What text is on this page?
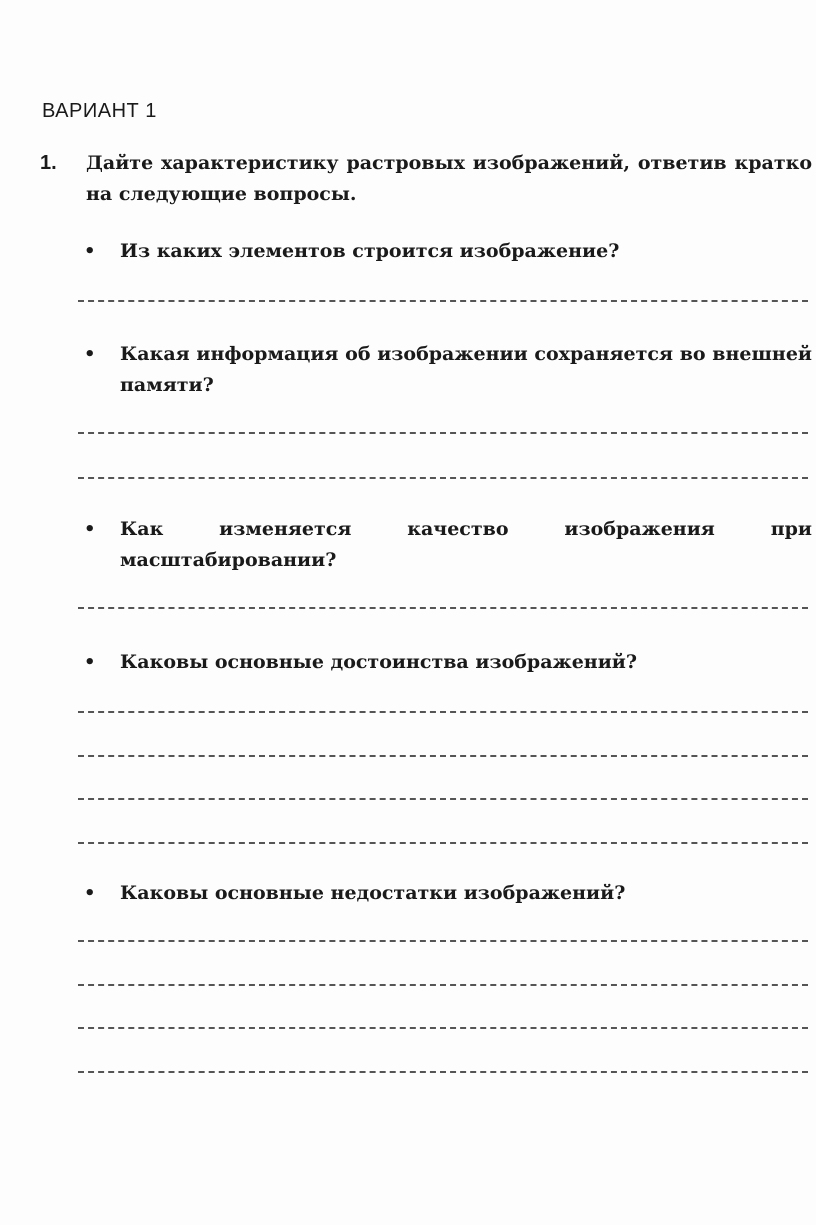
ВАРИАНТ 1
1. Дайте характеристику растровых изображений, ответив кратко на следующие вопросы.
• Из каких элементов строится изображение?
• Какая информация об изображении сохраняется во внешней памяти?
• Как изменяется качество изображения при масштабировании?
• Каковы основные достоинства изображений?
• Каковы основные недостатки изображений?
